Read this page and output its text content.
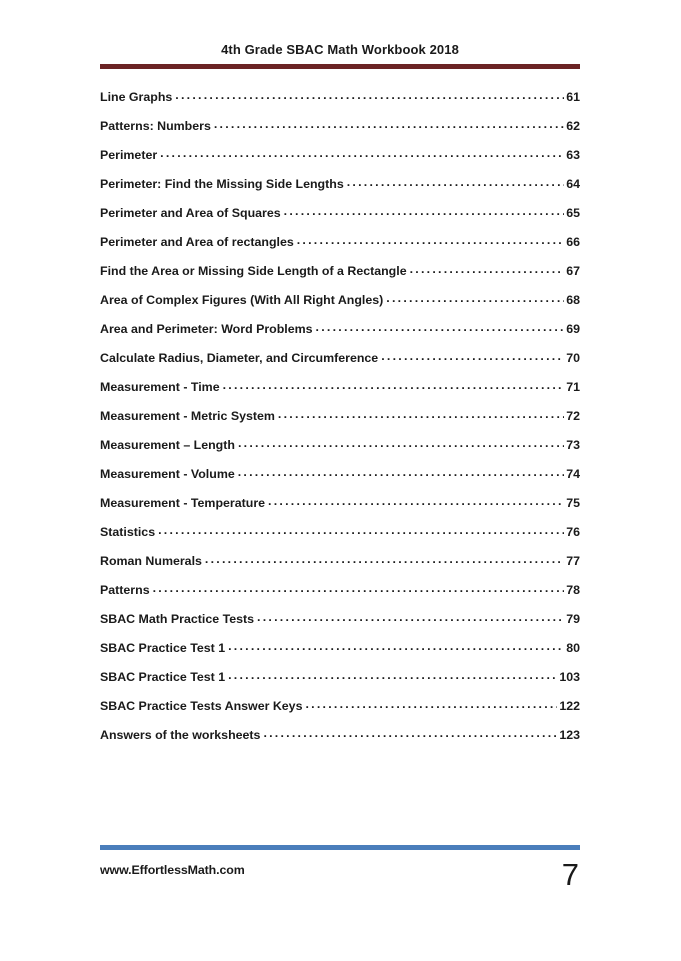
4th Grade SBAC Math Workbook 2018
Line Graphs . . .	61
Patterns: Numbers . . .	62
Perimeter . . .	63
Perimeter: Find the Missing Side Lengths . . .	64
Perimeter and Area of Squares . . .	65
Perimeter and Area of rectangles . . .	66
Find the Area or Missing Side Length of a Rectangle . . .	67
Area of Complex Figures (With All Right Angles) . . .	68
Area and Perimeter: Word Problems . . .	69
Calculate Radius, Diameter, and Circumference . . .	70
Measurement - Time . . .	71
Measurement - Metric System . . .	72
Measurement – Length . . .	73
Measurement - Volume . . .	74
Measurement - Temperature . . .	75
Statistics . . .	76
Roman Numerals . . .	77
Patterns . . .	78
SBAC Math Practice Tests . . .	79
SBAC Practice Test 1 . . .	80
SBAC Practice Test 1 . . .	103
SBAC Practice Tests Answer Keys . . .	122
Answers of the worksheets . . .	123
www.EffortlessMath.com	7
